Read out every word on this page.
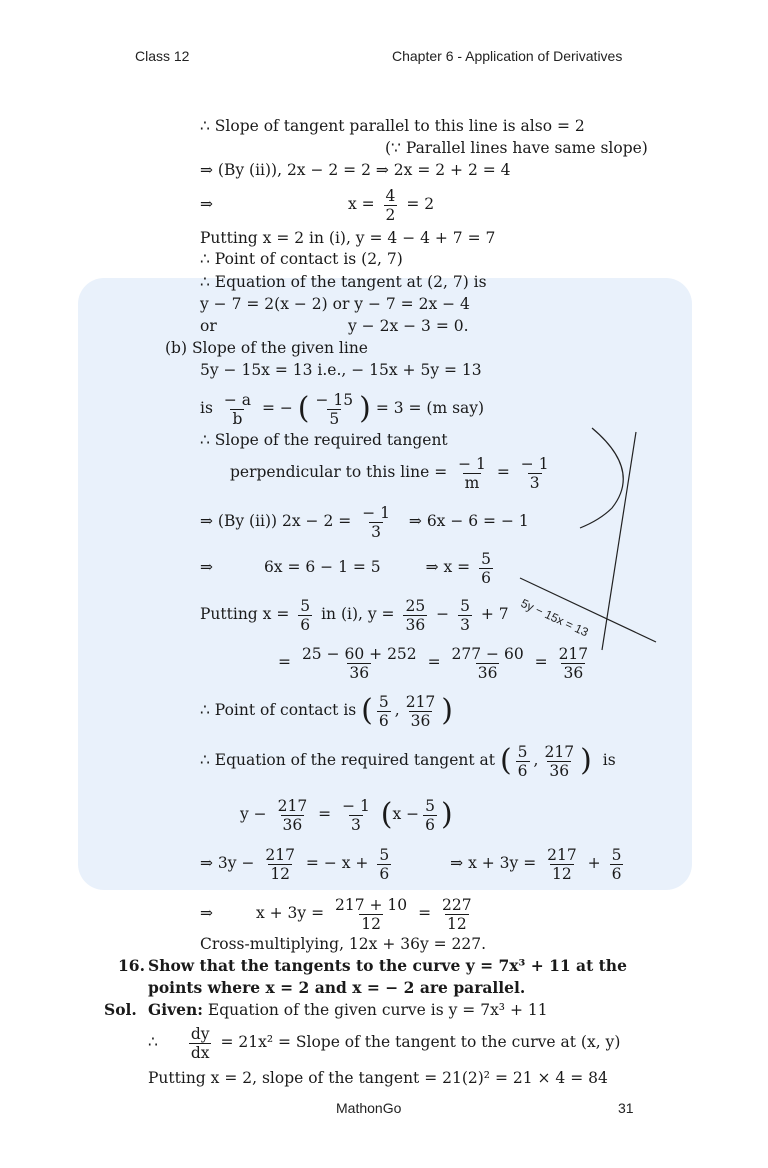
Class 12	Chapter 6 - Application of Derivatives
∴ Slope of tangent parallel to this line is also = 2
(∵ Parallel lines have same slope)
⇒ (By (ii)), 2x − 2 = 2 ⇒ 2x = 2 + 2 = 4
⇒	$x = \frac{4}{2} = 2$
Putting x = 2 in (i), y = 4 − 4 + 7 = 7
∴ Point of contact is (2, 7)
∴ Equation of the tangent at (2, 7) is
y − 7 = 2(x − 2) or y − 7 = 2x − 4
or	y − 2x − 3 = 0.
(b) Slope of the given line
5y − 15x = 13 i.e., − 15x + 5y = 13
is $\frac{- a}{b}$ = − ( $\frac{- 15}{5}$ ) = 3 = (m say)
∴ Slope of the required tangent
perpendicular to this line = $\frac{- 1}{m} = \frac{- 1}{3}$
⇒ (By (ii)) $2x - 2 = \frac{- 1}{3}$ ⇒ 6x − 6 = − 1
⇒	6x = 6 − 1 = 5	⇒ $x = \frac{5}{6}$
Putting $x = \frac{5}{6}$ in (i), $y = \frac{25}{36} - \frac{5}{3} + 7$
= $\frac{25 - 60 + 252}{36} = \frac{277 - 60}{36} = \frac{217}{36}$
∴ Point of contact is ( $\frac{5}{6}$ , $\frac{217}{36}$ )
∴ Equation of the required tangent at ( $\frac{5}{6}$ , $\frac{217}{36}$ ) is
$y - \frac{217}{36} = \frac{- 1}{3} (x - \frac{5}{6}$ )
⇒ $3y - \frac{217}{12}$ = − $x + \frac{5}{6}$	⇒ $x + 3y = \frac{217}{12} + \frac{5}{6}$
⇒	$x + 3y = \frac{217 + 10}{12} = \frac{227}{12}$
Cross-multiplying, 12x + 36y = 227.
16. Show that the tangents to the curve y = 7x³ + 11 at the
points where x = 2 and x = − 2 are parallel.
Sol. Given: Equation of the given curve is y = 7x³ + 11
∴ $\frac{dy}{dx} = 21x^2$ = Slope of the tangent to the curve at (x, y)
Putting x = 2, slope of the tangent = 21(2)² = 21 × 4 = 84
5y − 15x = 13
MathonGo	31
